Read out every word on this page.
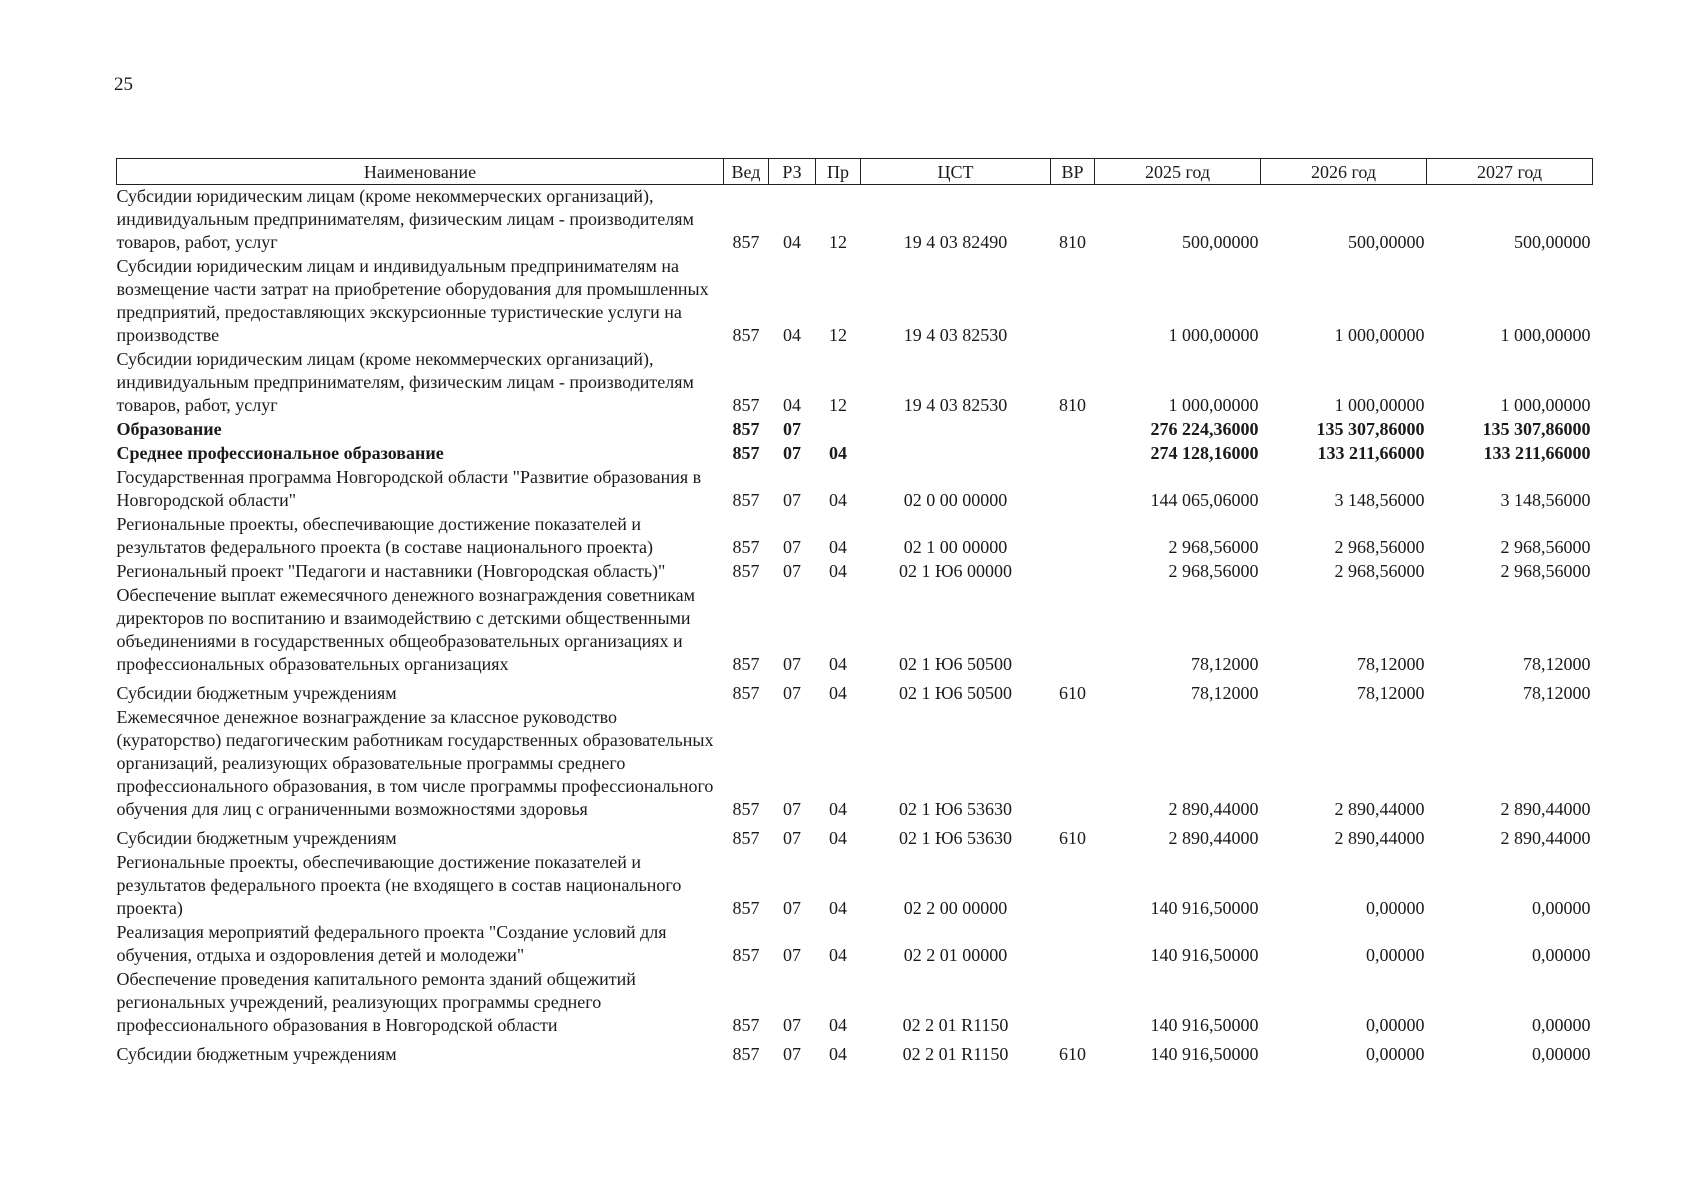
25
Наименование	Вед	РЗ	Пр	ЦСТ	ВР	2025 год	2026 год	2027 год
Субсидии юридическим лицам (кроме некоммерческих организаций), индивидуальным предпринимателям, физическим лицам - производителям товаров, работ, услуг	857	04	12	19 4 03 82490	810	500,00000	500,00000	500,00000
Субсидии юридическим лицам и индивидуальным предпринимателям на возмещение части затрат на приобретение оборудования для промышленных предприятий, предоставляющих экскурсионные туристические услуги на производстве	857	04	12	19 4 03 82530		1 000,00000	1 000,00000	1 000,00000
Субсидии юридическим лицам (кроме некоммерческих организаций), индивидуальным предпринимателям, физическим лицам - производителям товаров, работ, услуг	857	04	12	19 4 03 82530	810	1 000,00000	1 000,00000	1 000,00000
Образование	857	07				276 224,36000	135 307,86000	135 307,86000
Среднее профессиональное образование	857	07	04			274 128,16000	133 211,66000	133 211,66000
Государственная программа Новгородской области "Развитие образования в Новгородской области"	857	07	04	02 0 00 00000		144 065,06000	3 148,56000	3 148,56000
Региональные проекты, обеспечивающие достижение показателей и результатов федерального проекта (в составе национального проекта)	857	07	04	02 1 00 00000		2 968,56000	2 968,56000	2 968,56000
Региональный проект "Педагоги и наставники (Новгородская область)"	857	07	04	02 1 Ю6 00000		2 968,56000	2 968,56000	2 968,56000
Обеспечение выплат ежемесячного денежного вознаграждения советникам директоров по воспитанию и взаимодействию с детскими общественными объединениями в государственных общеобразовательных организациях и профессиональных образовательных организациях	857	07	04	02 1 Ю6 50500		78,12000	78,12000	78,12000
Субсидии бюджетным учреждениям	857	07	04	02 1 Ю6 50500	610	78,12000	78,12000	78,12000
Ежемесячное денежное вознаграждение за классное руководство (кураторство) педагогическим работникам государственных образовательных организаций, реализующих образовательные программы среднего профессионального образования, в том числе программы профессионального обучения для лиц с ограниченными возможностями здоровья	857	07	04	02 1 Ю6 53630		2 890,44000	2 890,44000	2 890,44000
Субсидии бюджетным учреждениям	857	07	04	02 1 Ю6 53630	610	2 890,44000	2 890,44000	2 890,44000
Региональные проекты, обеспечивающие достижение показателей и результатов федерального проекта (не входящего в состав национального проекта)	857	07	04	02 2 00 00000		140 916,50000	0,00000	0,00000
Реализация мероприятий федерального проекта "Создание условий для обучения, отдыха и оздоровления детей и молодежи"	857	07	04	02 2 01 00000		140 916,50000	0,00000	0,00000
Обеспечение проведения капитального ремонта зданий общежитий региональных учреждений, реализующих программы среднего профессионального образования в Новгородской области	857	07	04	02 2 01 R1150		140 916,50000	0,00000	0,00000
Субсидии бюджетным учреждениям	857	07	04	02 2 01 R1150	610	140 916,50000	0,00000	0,00000
